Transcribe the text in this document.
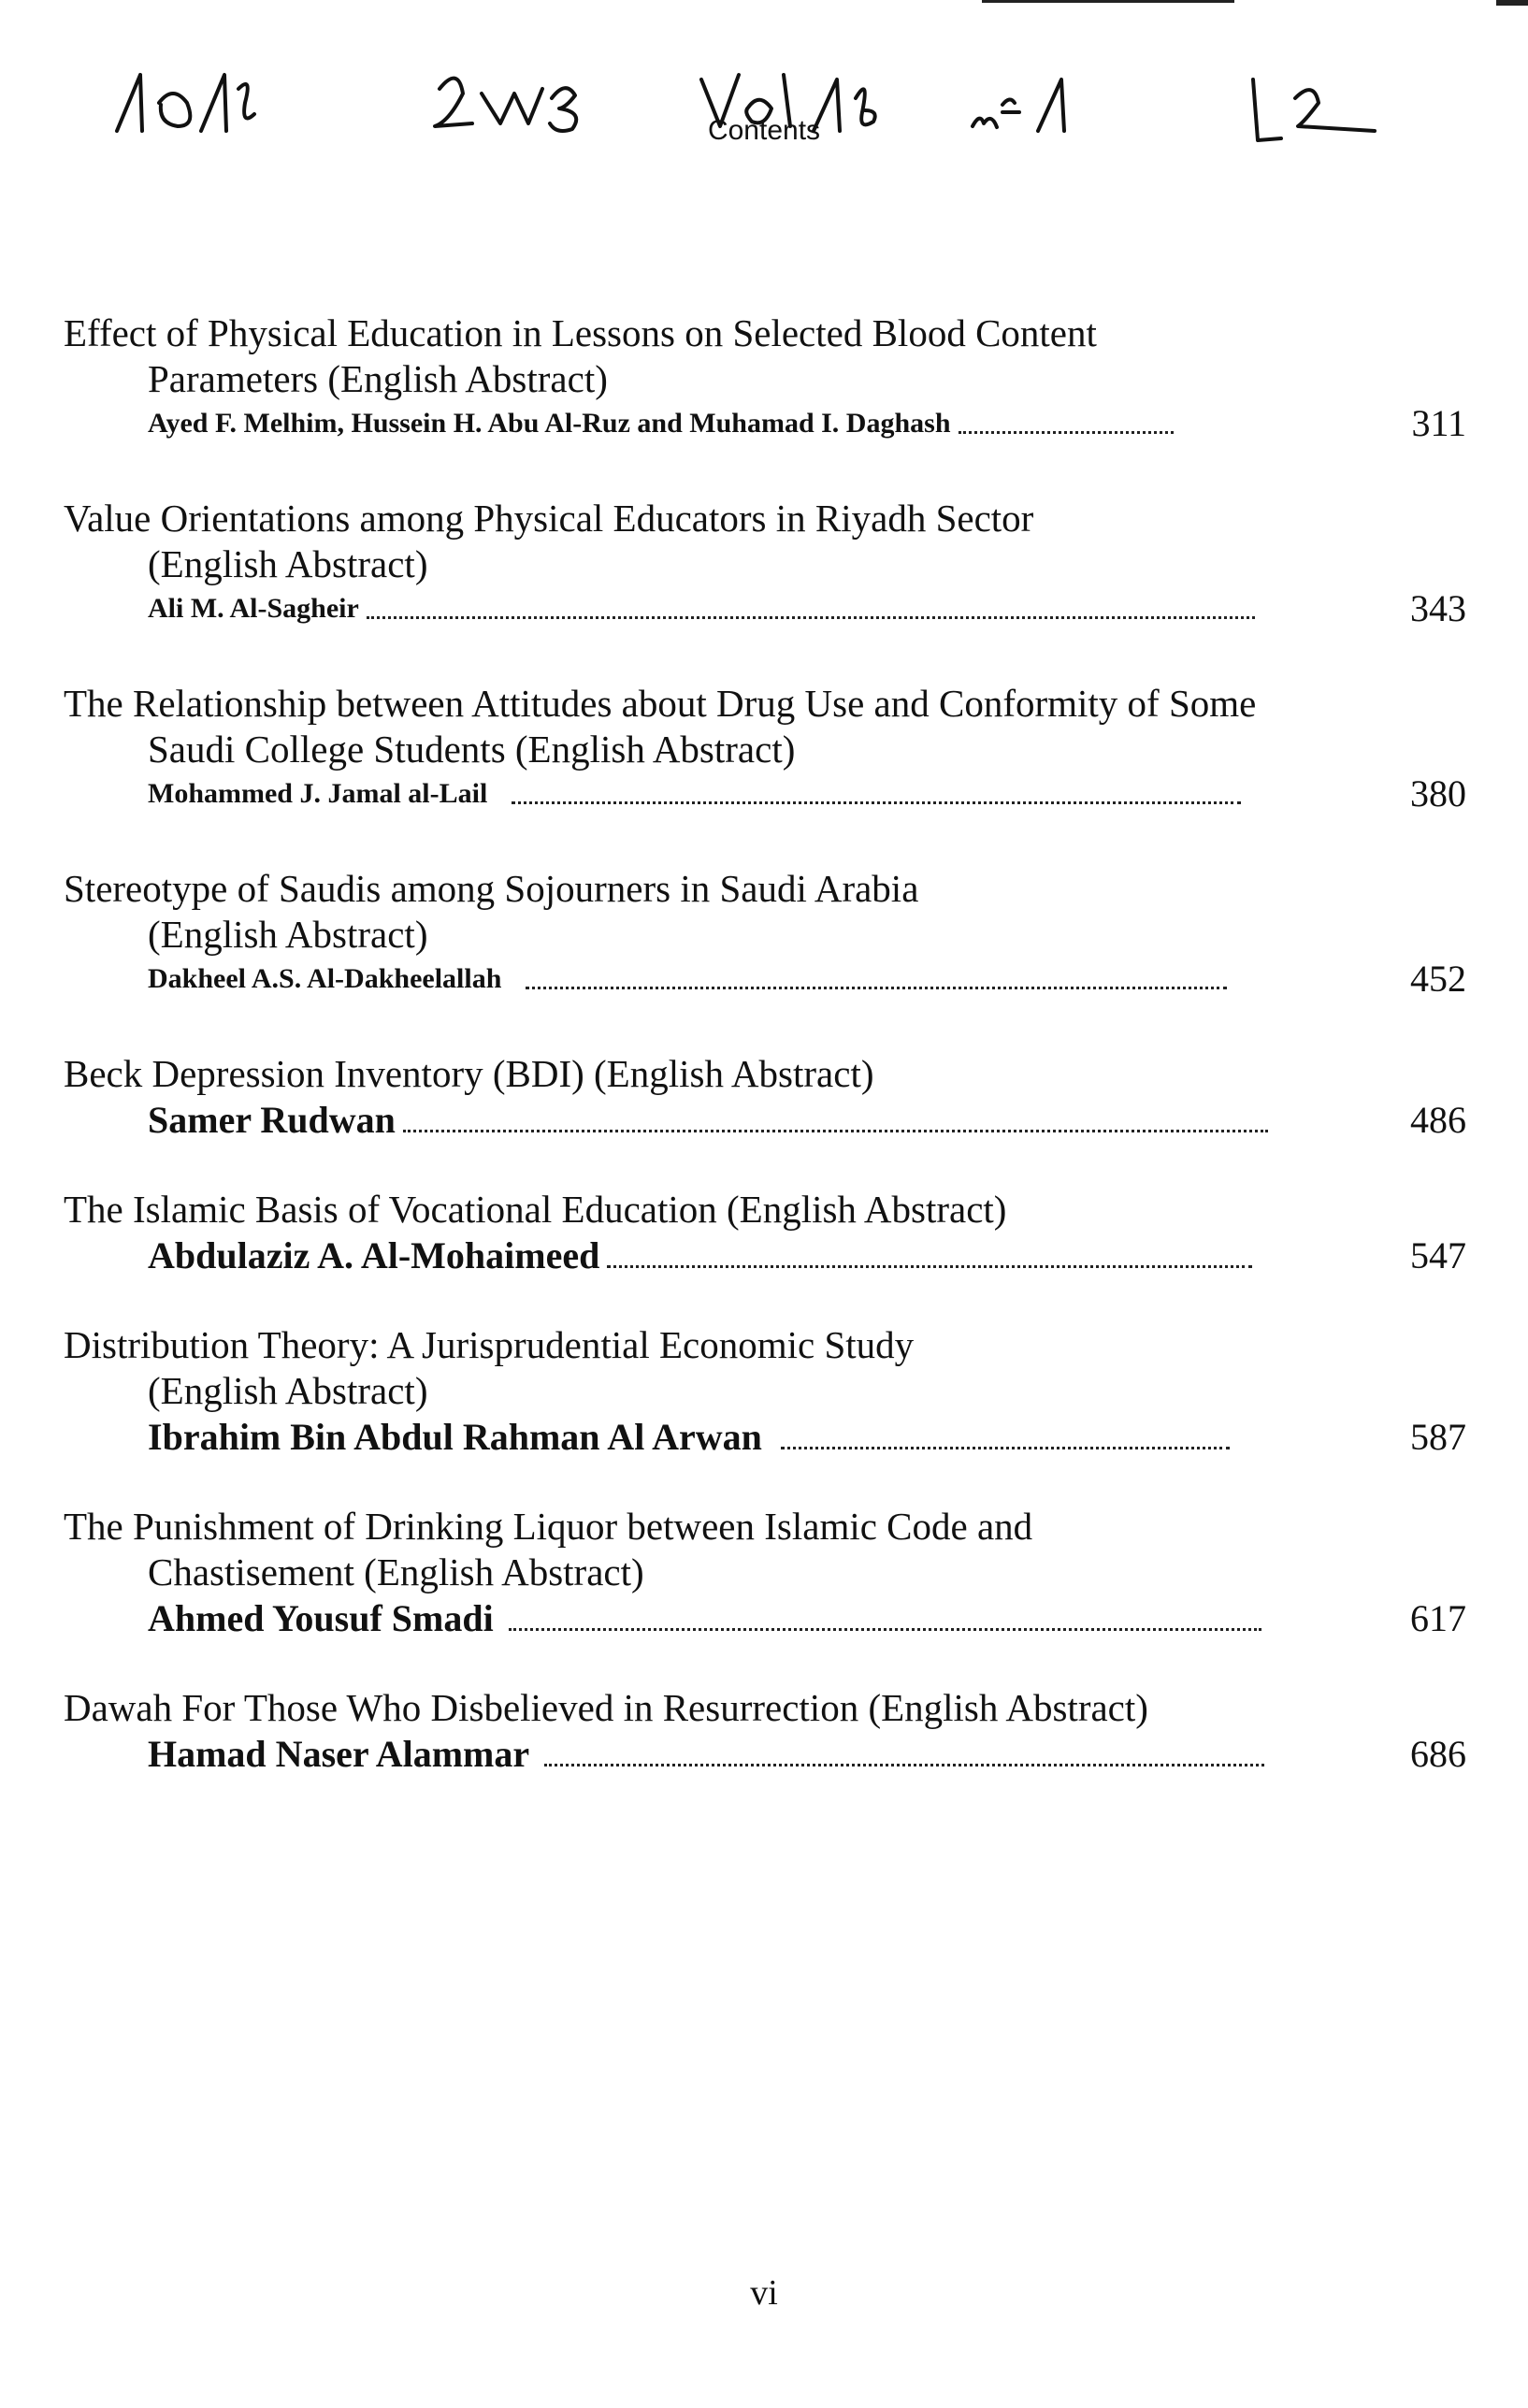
Contents
Effect of Physical Education in Lessons on Selected Blood Content
Parameters (English Abstract)
Ayed F. Melhim, Hussein H. Abu Al-Ruz and Muhamad I. Daghash	311
Value Orientations among Physical Educators in Riyadh Sector
(English Abstract)
Ali M. Al-Sagheir	343
The Relationship between Attitudes about Drug Use and Conformity of Some
Saudi College Students (English Abstract)
Mohammed J. Jamal al-Lail	380
Stereotype of Saudis among Sojourners in Saudi Arabia
(English Abstract)
Dakheel A.S. Al-Dakheelallah	452
Beck Depression Inventory (BDI) (English Abstract)
Samer Rudwan	486
The Islamic Basis of Vocational Education (English Abstract)
Abdulaziz A. Al-Mohaimeed	547
Distribution Theory: A Jurisprudential Economic Study
(English Abstract)
Ibrahim Bin Abdul Rahman Al Arwan	587
The Punishment of Drinking Liquor between Islamic Code and
Chastisement (English Abstract)
Ahmed Yousuf Smadi	617
Dawah For Those Who Disbelieved in Resurrection (English Abstract)
Hamad Naser Alammar	686
vi
